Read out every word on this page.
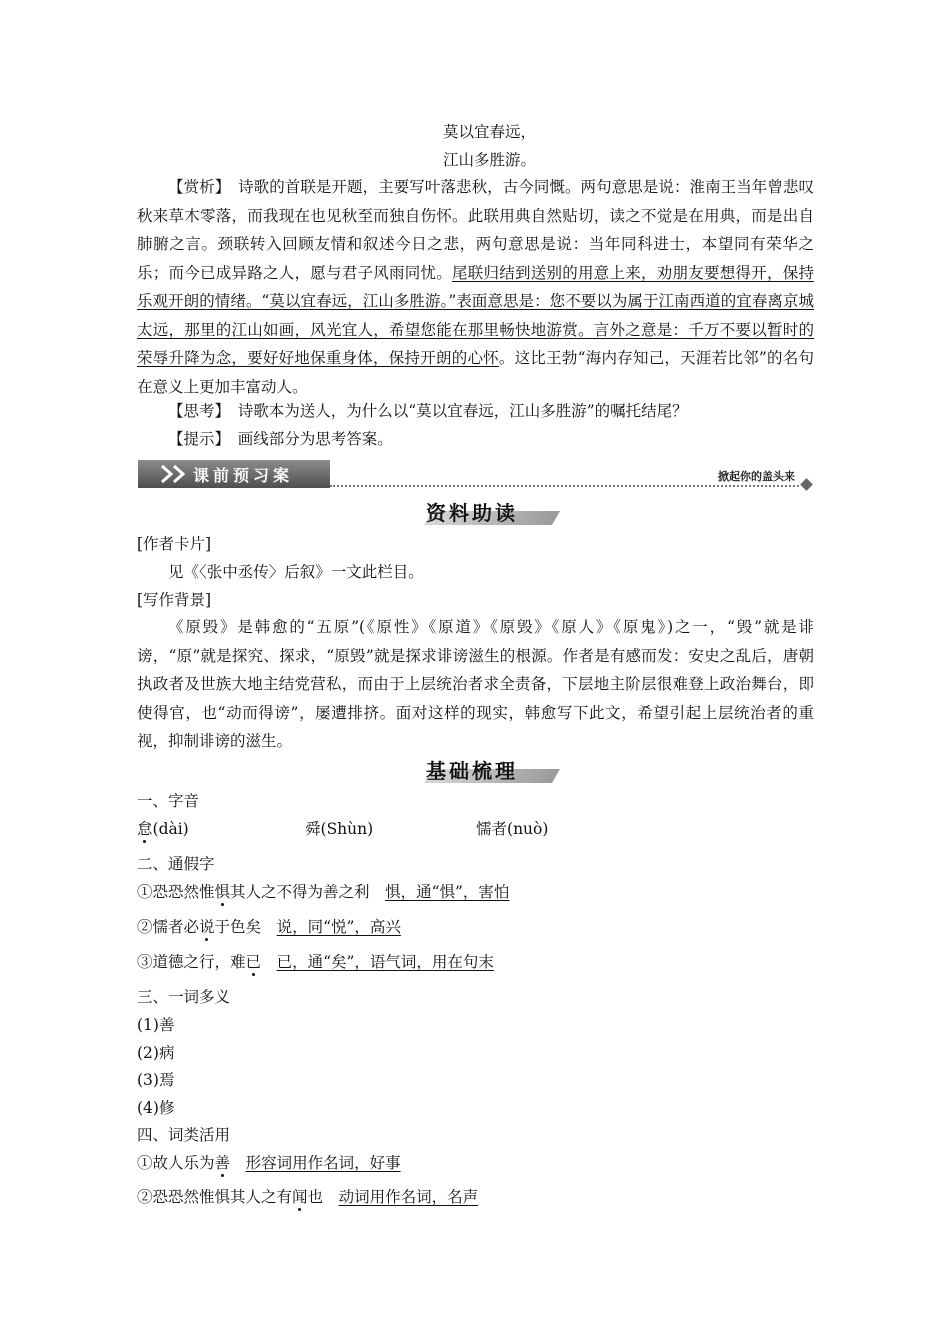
莫以宜春远，
江山多胜游。
【赏析】　诗歌的首联是开题，主要写叶落悲秋，古今同慨。两句意思是说：淮南王当年曾悲叹秋来草木零落，而我现在也见秋至而独自伤怀。此联用典自然贴切，读之不觉是在用典，而是出自肺腑之言。颈联转入回顾友情和叙述今日之悲，两句意思是说：当年同科进士，本望同有荣华之乐；而今已成异路之人，愿与君子风雨同忧。尾联归结到送别的用意上来，劝朋友要想得开，保持乐观开朗的情绪。“莫以宜春远，江山多胜游。”表面意思是：您不要以为属于江南西道的宜春离京城太远，那里的江山如画，风光宜人，希望您能在那里畅快地游赏。言外之意是：千万不要以暂时的荣辱升降为念，要好好地保重身体，保持开朗的心怀。这比王勃“海内存知己，天涯若比邻”的名句在意义上更加丰富动人。
【思考】　诗歌本为送人，为什么以“莫以宜春远，江山多胜游”的嘱托结尾？
【提示】　画线部分为思考答案。
课前预习案	掀起你的盖头来
资料助读
[作者卡片]
见《〈张中丞传〉后叙》一文此栏目。
[写作背景]
《原毁》是韩愈的“五原”(《原性》《原道》《原毁》《原人》《原鬼》)之一，“毁”就是诽谤，“原”就是探究、探求，“原毁”就是探求诽谤滋生的根源。作者是有感而发：安史之乱后，唐朝执政者及世族大地主结党营私，而由于上层统治者求全责备，下层地主阶层很难登上政治舞台，即使得官，也“动而得谤”，屡遭排挤。面对这样的现实，韩愈写下此文，希望引起上层统治者的重视，抑制诽谤的滋生。
基础梳理
一、字音
怠(dài)	舜(Shùn)	懦者(nuò)
二、通假字
①恐恐然惟惧其人之不得为善之利　 惧，通“惧”，害怕
②懦者必说于色矣　 说，同“悦”，高兴
③道德之行，难已　 已，通“矣”，语气词，用在句末
三、一词多义
(1)善
(2)病
(3)焉
(4)修
四、词类活用
①故人乐为善　 形容词用作名词，好事
②恐恐然惟惧其人之有闻也　 动词用作名词，名声
